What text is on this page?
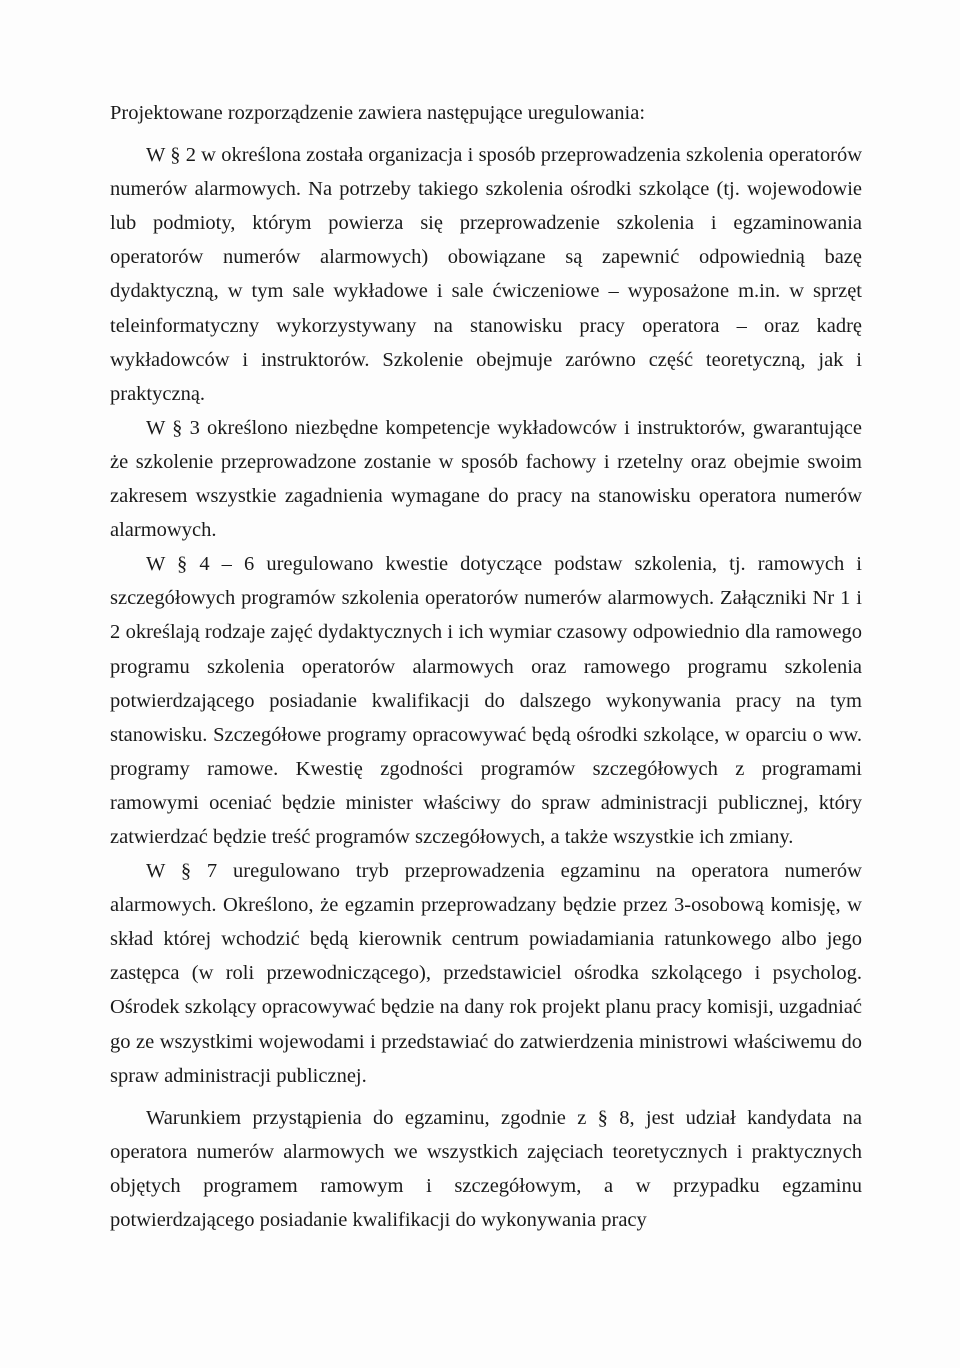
Projektowane rozporządzenie zawiera następujące uregulowania:

W § 2 w określona została organizacja i sposób przeprowadzenia szkolenia operatorów numerów alarmowych. Na potrzeby takiego szkolenia ośrodki szkolące (tj. wojewodowie lub podmioty, którym powierza się przeprowadzenie szkolenia i egzaminowania operatorów numerów alarmowych) obowiązane są zapewnić odpowiednią bazę dydaktyczną, w tym sale wykładowe i sale ćwiczeniowe – wyposażone m.in. w sprzęt teleinformatyczny wykorzystywany na stanowisku pracy operatora – oraz kadrę wykładowców i instruktorów. Szkolenie obejmuje zarówno część teoretyczną, jak i praktyczną.

W § 3 określono niezbędne kompetencje wykładowców i instruktorów, gwarantujące że szkolenie przeprowadzone zostanie w sposób fachowy i rzetelny oraz obejmie swoim zakresem wszystkie zagadnienia wymagane do pracy na stanowisku operatora numerów alarmowych.

W § 4 – 6 uregulowano kwestie dotyczące podstaw szkolenia, tj. ramowych i szczegółowych programów szkolenia operatorów numerów alarmowych. Załączniki Nr 1 i 2 określają rodzaje zajęć dydaktycznych i ich wymiar czasowy odpowiednio dla ramowego programu szkolenia operatorów alarmowych oraz ramowego programu szkolenia potwierdzającego posiadanie kwalifikacji do dalszego wykonywania pracy na tym stanowisku. Szczegółowe programy opracowywać będą ośrodki szkolące, w oparciu o ww. programy ramowe. Kwestię zgodności programów szczegółowych z programami ramowymi oceniać będzie minister właściwy do spraw administracji publicznej, który zatwierdzać będzie treść programów szczegółowych, a także wszystkie ich zmiany.

W § 7 uregulowano tryb przeprowadzenia egzaminu na operatora numerów alarmowych. Określono, że egzamin przeprowadzany będzie przez 3-osobową komisję, w skład której wchodzić będą kierownik centrum powiadamiania ratunkowego albo jego zastępca (w roli przewodniczącego), przedstawiciel ośrodka szkolącego i psycholog. Ośrodek szkolący opracowywać będzie na dany rok projekt planu pracy komisji, uzgadniać go ze wszystkimi wojewodami i przedstawiać do zatwierdzenia ministrowi właściwemu do spraw administracji publicznej.

Warunkiem przystąpienia do egzaminu, zgodnie z § 8, jest udział kandydata na operatora numerów alarmowych we wszystkich zajęciach teoretycznych i praktycznych objętych programem ramowym i szczegółowym, a w przypadku egzaminu potwierdzającego posiadanie kwalifikacji do wykonywania pracy
